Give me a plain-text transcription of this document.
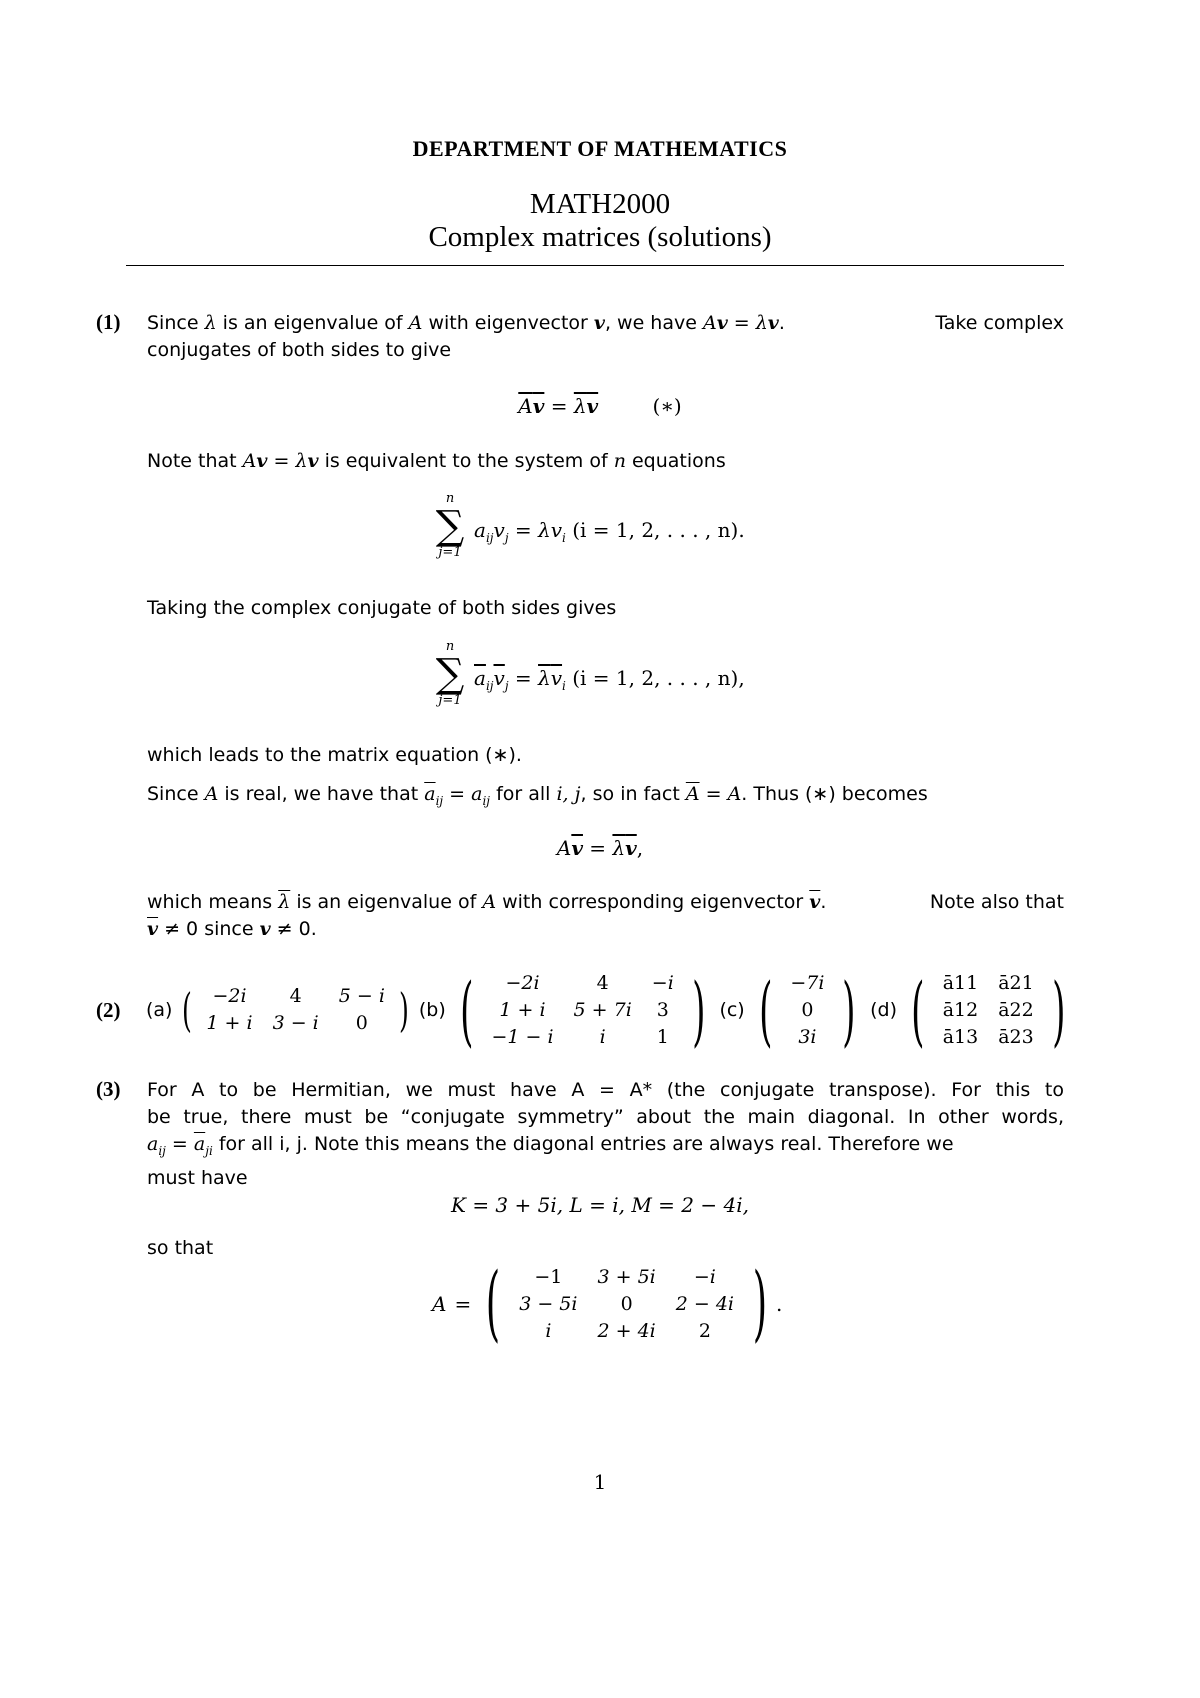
DEPARTMENT OF MATHEMATICS
MATH2000
Complex matrices (solutions)
(1) Since λ is an eigenvalue of A with eigenvector v, we have Av = λv.	Take complex
conjugates of both sides to give
$\overline{A}\overline{v} = \overline{\lambda}\overline{v}$	(∗)
Note that Av = λv is equivalent to the system of n equations
n
∑
j=1
$a_{ij}v_j = \lambda v_i$ (i = 1, 2, . . . , n).
Taking the complex conjugate of both sides gives
n
∑
j=1
$\overline{a}_{ij}\overline{v}_j = \overline{\lambda}\overline{v}_i$ (i = 1, 2, . . . , n),
which leads to the matrix equation (∗).
Since A is real, we have that $\overline{a}_{ij} = a_{ij}$ for all i, j, so in fact $\overline{A} = A$. Thus (∗) becomes
$A\overline{v} = \overline{\lambda}\overline{v}$,
which means $\overline{\lambda}$ is an eigenvalue of A with corresponding eigenvector $\overline{v}$.	Note also that
$\overline{v} \ne 0$ since v ≠ 0.
(2) (a) ( −2i	4	5 − i
1 + i	3 − i	0 ) (b) ( −2i	4	−i
1 + i	5 + 7i	3
−1 − i	i	1 ) (c) ( −7i
0
3i ) (d) ( ā11	ā21
ā12	ā22
ā13	ā23 )
(3) For A to be Hermitian, we must have A = A* (the conjugate transpose). For this to
be true, there must be “conjugate symmetry” about the main diagonal. In other words,
$a_{ij} = \overline{a}_{ji}$ for all i, j. Note this means the diagonal entries are always real. Therefore we
must have
K = 3 + 5i, L = i, M = 2 − 4i,
so that
A = ( −1	3 + 5i	−i
3 − 5i	0	2 − 4i
i	2 + 4i	2 ) .
1
